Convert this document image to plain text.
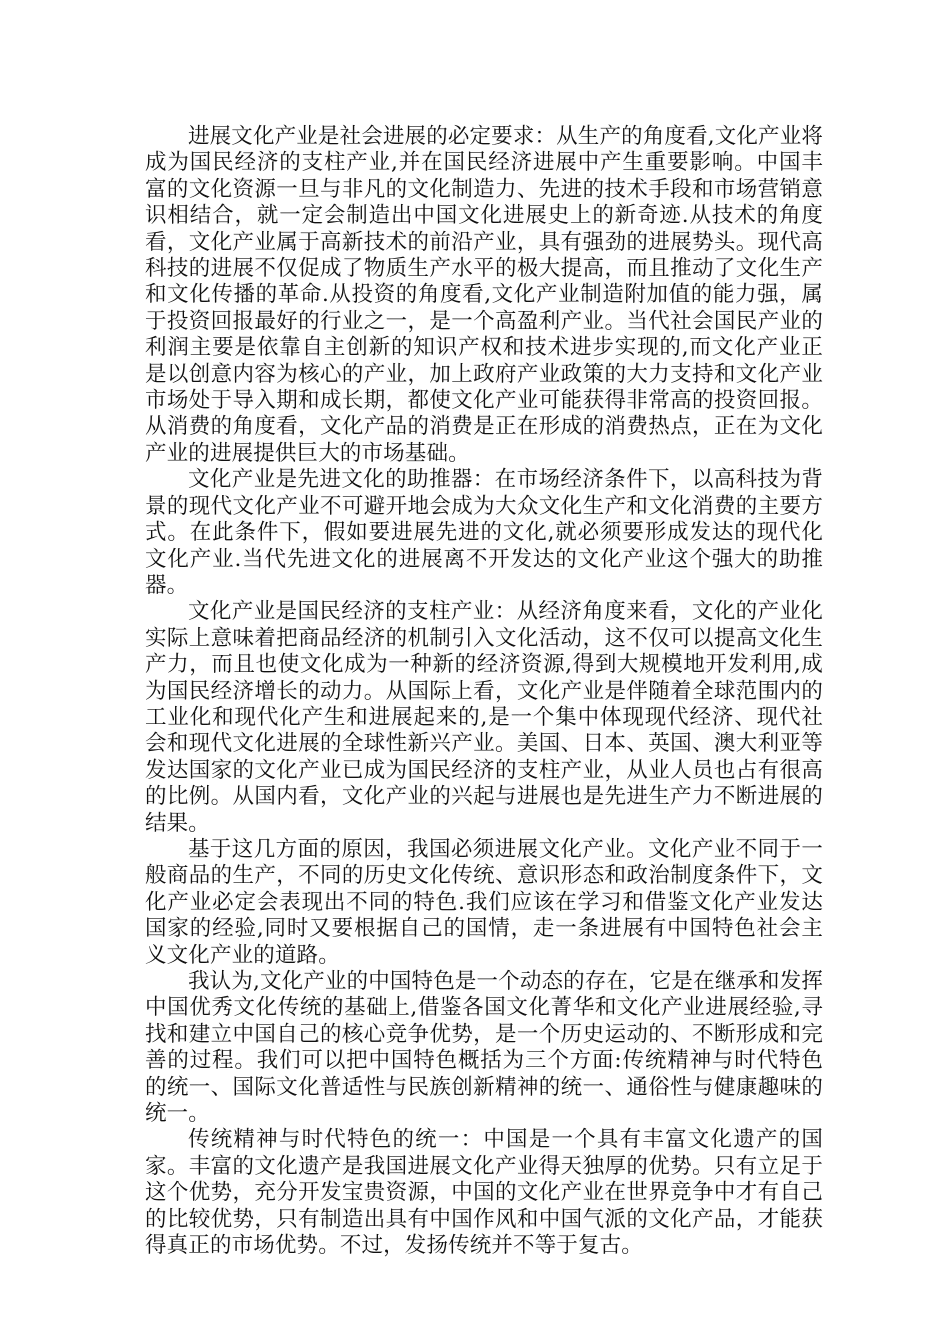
进展文化产业是社会进展的必定要求：从生产的角度看,文化产业将成为国民经济的支柱产业,并在国民经济进展中产生重要影响。中国丰富的文化资源一旦与非凡的文化制造力、先进的技术手段和市场营销意识相结合，就一定会制造出中国文化进展史上的新奇迹.从技术的角度看，文化产业属于高新技术的前沿产业，具有强劲的进展势头。现代高科技的进展不仅促成了物质生产水平的极大提高，而且推动了文化生产和文化传播的革命.从投资的角度看,文化产业制造附加值的能力强，属于投资回报最好的行业之一，是一个高盈利产业。当代社会国民产业的利润主要是依靠自主创新的知识产权和技术进步实现的,而文化产业正是以创意内容为核心的产业，加上政府产业政策的大力支持和文化产业市场处于导入期和成长期，都使文化产业可能获得非常高的投资回报。从消费的角度看，文化产品的消费是正在形成的消费热点，正在为文化产业的进展提供巨大的市场基础。

文化产业是先进文化的助推器：在市场经济条件下，以高科技为背景的现代文化产业不可避开地会成为大众文化生产和文化消费的主要方式。在此条件下，假如要进展先进的文化,就必须要形成发达的现代化文化产业.当代先进文化的进展离不开发达的文化产业这个强大的助推器。

文化产业是国民经济的支柱产业：从经济角度来看，文化的产业化实际上意味着把商品经济的机制引入文化活动，这不仅可以提高文化生产力，而且也使文化成为一种新的经济资源,得到大规模地开发利用,成为国民经济增长的动力。从国际上看，文化产业是伴随着全球范围内的工业化和现代化产生和进展起来的,是一个集中体现现代经济、现代社会和现代文化进展的全球性新兴产业。美国、日本、英国、澳大利亚等发达国家的文化产业已成为国民经济的支柱产业，从业人员也占有很高的比例。从国内看，文化产业的兴起与进展也是先进生产力不断进展的结果。

基于这几方面的原因，我国必须进展文化产业。文化产业不同于一般商品的生产，不同的历史文化传统、意识形态和政治制度条件下，文化产业必定会表现出不同的特色.我们应该在学习和借鉴文化产业发达国家的经验,同时又要根据自己的国情，走一条进展有中国特色社会主义文化产业的道路。

我认为,文化产业的中国特色是一个动态的存在，它是在继承和发挥中国优秀文化传统的基础上,借鉴各国文化菁华和文化产业进展经验,寻找和建立中国自己的核心竞争优势，是一个历史运动的、不断形成和完善的过程。我们可以把中国特色概括为三个方面:传统精神与时代特色的统一、国际文化普适性与民族创新精神的统一、通俗性与健康趣味的统一。

传统精神与时代特色的统一：中国是一个具有丰富文化遗产的国家。丰富的文化遗产是我国进展文化产业得天独厚的优势。只有立足于这个优势，充分开发宝贵资源，中国的文化产业在世界竞争中才有自己的比较优势，只有制造出具有中国作风和中国气派的文化产品，才能获得真正的市场优势。不过，发扬传统并不等于复古。
